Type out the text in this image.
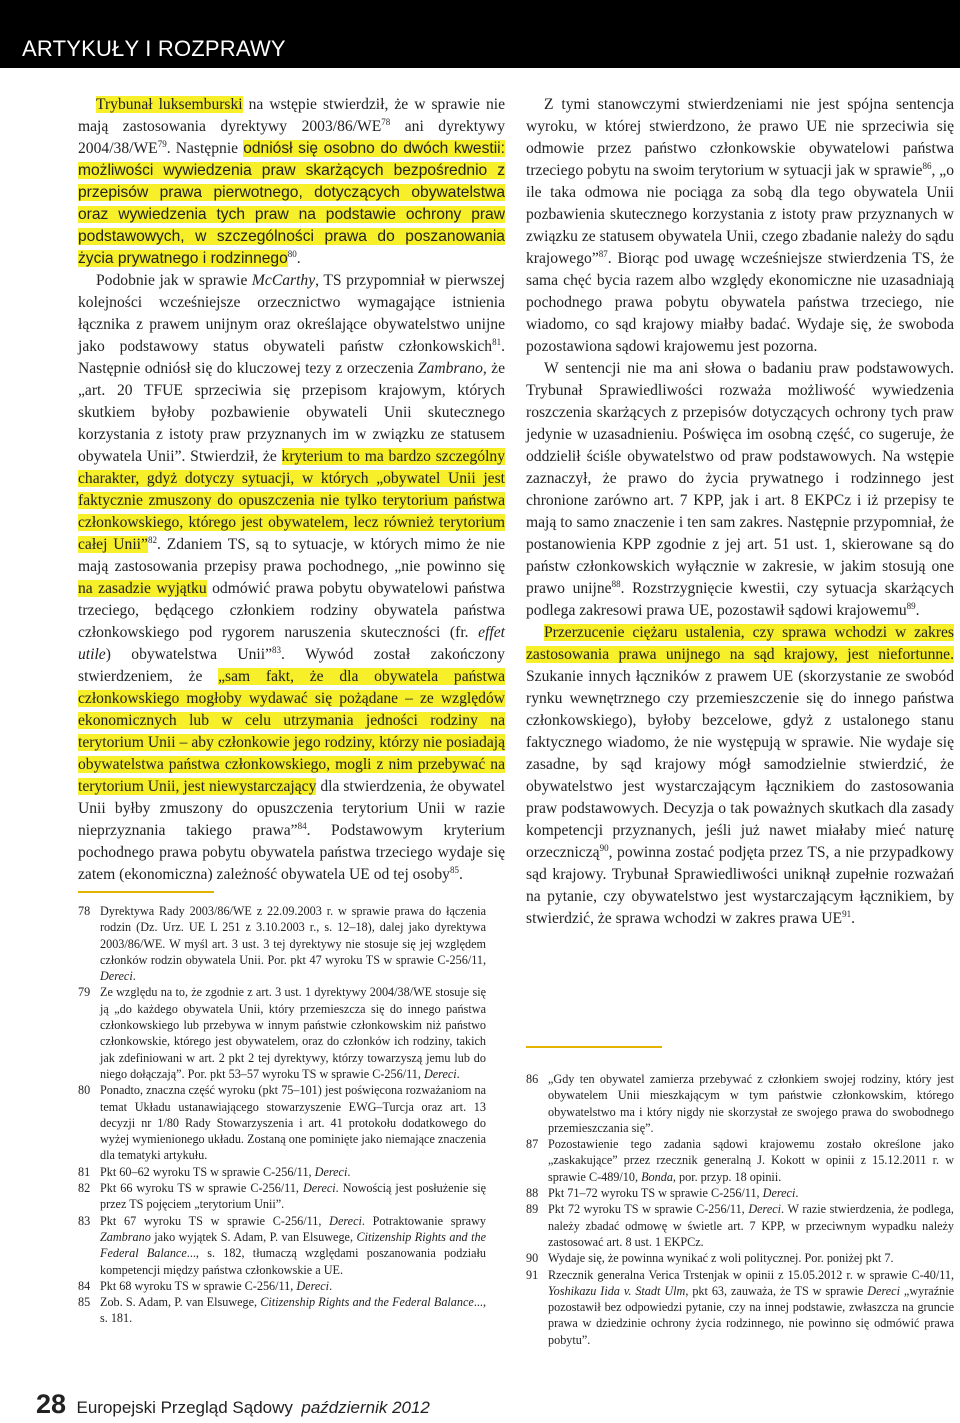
ARTYKUŁY I ROZPRAWY

Trybunał luksemburski na wstępie stwierdził, że w sprawie nie mają zastosowania dyrektywy 2003/86/WE$^{78}$ ani dyrektywy 2004/38/WE$^{79}$. Następnie odniósł się osobno do dwóch kwestii: możliwości wywiedzenia praw skarżących bezpośrednio z przepisów prawa pierwotnego, dotyczących obywatelstwa oraz wywiedzenia tych praw na podstawie ochrony praw podstawowych, w szczególności prawa do poszanowania życia prywatnego i rodzinnego$^{80}$.

Podobnie jak w sprawie McCarthy, TS przypomniał w pierwszej kolejności wcześniejsze orzecznictwo wymagające istnienia łącznika z prawem unijnym oraz określające obywatelstwo unijne jako podstawowy status obywateli państw członkowskich$^{81}$. Następnie odniósł się do kluczowej tezy z orzeczenia Zambrano, że „art. 20 TFUE sprzeciwia się przepisom krajowym, których skutkiem byłoby pozbawienie obywateli Unii skutecznego korzystania z istoty praw przyznanych im w związku ze statusem obywatela Unii”. Stwierdził, że kryterium to ma bardzo szczególny charakter, gdyż dotyczy sytuacji, w których „obywatel Unii jest faktycznie zmuszony do opuszczenia nie tylko terytorium państwa członkowskiego, którego jest obywatelem, lecz również terytorium całej Unii”$^{82}$. Zdaniem TS, są to sytuacje, w których mimo że nie mają zastosowania przepisy prawa pochodnego, „nie powinno się na zasadzie wyjątku odmówić prawa pobytu obywatelowi państwa trzeciego, będącego członkiem rodziny obywatela państwa członkowskiego pod rygorem naruszenia skuteczności (fr. effet utile) obywatelstwa Unii”$^{83}$. Wywód został zakończony stwierdzeniem, że „sam fakt, że dla obywatela państwa członkowskiego mogłoby wydawać się pożądane – ze względów ekonomicznych lub w celu utrzymania jedności rodziny na terytorium Unii – aby członkowie jego rodziny, którzy nie posiadają obywatelstwa państwa członkowskiego, mogli z nim przebywać na terytorium Unii, jest niewystarczający dla stwierdzenia, że obywatel Unii byłby zmuszony do opuszczenia terytorium Unii w razie nieprzyznania takiego prawa”$^{84}$. Podstawowym kryterium pochodnego prawa pobytu obywatela państwa trzeciego wydaje się zatem (ekonomiczna) zależność obywatela UE od tej osoby$^{85}$.

Z tymi stanowczymi stwierdzeniami nie jest spójna sentencja wyroku, w której stwierdzono, że prawo UE nie sprzeciwia się odmowie przez państwo członkowskie obywatelowi państwa trzeciego pobytu na swoim terytorium w sytuacji jak w sprawie$^{86}$, „o ile taka odmowa nie pociąga za sobą dla tego obywatela Unii pozbawienia skutecznego korzystania z istoty praw przyznanych w związku ze statusem obywatela Unii, czego zbadanie należy do sądu krajowego”$^{87}$. Biorąc pod uwagę wcześniejsze stwierdzenia TS, że sama chęć bycia razem albo względy ekonomiczne nie uzasadniają pochodnego prawa pobytu obywatela państwa trzeciego, nie wiadomo, co sąd krajowy miałby badać. Wydaje się, że swoboda pozostawiona sądowi krajowemu jest pozorna.

W sentencji nie ma ani słowa o badaniu praw podstawowych. Trybunał Sprawiedliwości rozważa możliwość wywiedzenia roszczenia skarżących z przepisów dotyczących ochrony tych praw jedynie w uzasadnieniu. Poświęca im osobną część, co sugeruje, że oddzielił ściśle obywatelstwo od praw podstawowych. Na wstępie zaznaczył, że prawo do życia prywatnego i rodzinnego jest chronione zarówno art. 7 KPP, jak i art. 8 EKPCz i iż przepisy te mają to samo znaczenie i ten sam zakres. Następnie przypomniał, że postanowienia KPP zgodnie z jej art. 51 ust. 1, skierowane są do państw członkowskich wyłącznie w zakresie, w jakim stosują one prawo unijne$^{88}$. Rozstrzygnięcie kwestii, czy sytuacja skarżących podlega zakresowi prawa UE, pozostawił sądowi krajowemu$^{89}$.

Przerzucenie ciężaru ustalenia, czy sprawa wchodzi w zakres zastosowania prawa unijnego na sąd krajowy, jest niefortunne. Szukanie innych łączników z prawem UE (skorzystanie ze swobód rynku wewnętrznego czy przemieszczenie się do innego państwa członkowskiego), byłoby bezcelowe, gdyż z ustalonego stanu faktycznego wiadomo, że nie występują w sprawie. Nie wydaje się zasadne, by sąd krajowy mógł samodzielnie stwierdzić, że obywatelstwo jest wystarczającym łącznikiem do zastosowania praw podstawowych. Decyzja o tak poważnych skutkach dla zasady kompetencji przyznanych, jeśli już nawet miałaby mieć naturę orzeczniczą$^{90}$, powinna zostać podjęta przez TS, a nie przypadkowy sąd krajowy. Trybunał Sprawiedliwości uniknął zupełnie rozważań na pytanie, czy obywatelstwo jest wystarczającym łącznikiem, by stwierdzić, że sprawa wchodzi w zakres prawa UE$^{91}$.

78 Dyrektywa Rady 2003/86/WE z 22.09.2003 r. w sprawie prawa do łączenia rodzin (Dz. Urz. UE L 251 z 3.10.2003 r., s. 12–18), dalej jako dyrektywa 2003/86/WE. W myśl art. 3 ust. 3 tej dyrektywy nie stosuje się jej względem członków rodzin obywatela Unii. Por. pkt 47 wyroku TS w sprawie C-256/11, Dereci.
79 Ze względu na to, że zgodnie z art. 3 ust. 1 dyrektywy 2004/38/WE stosuje się ją „do każdego obywatela Unii, który przemieszcza się do innego państwa członkowskiego lub przebywa w innym państwie członkowskim niż państwo członkowskie, którego jest obywatelem, oraz do członków ich rodziny, takich jak zdefiniowani w art. 2 pkt 2 tej dyrektywy, którzy towarzyszą jemu lub do niego dołączają”. Por. pkt 53–57 wyroku TS w sprawie C-256/11, Dereci.
80 Ponadto, znaczna część wyroku (pkt 75–101) jest poświęcona rozważaniom na temat Układu ustanawiającego stowarzyszenie EWG–Turcja oraz art. 13 decyzji nr 1/80 Rady Stowarzyszenia i art. 41 protokołu dodatkowego do wyżej wymienionego układu. Zostaną one pominięte jako niemające znaczenia dla tematyki artykułu.
81 Pkt 60–62 wyroku TS w sprawie C-256/11, Dereci.
82 Pkt 66 wyroku TS w sprawie C-256/11, Dereci. Nowością jest posłużenie się przez TS pojęciem „terytorium Unii”.
83 Pkt 67 wyroku TS w sprawie C-256/11, Dereci. Potraktowanie sprawy Zambrano jako wyjątek S. Adam, P. van Elsuwege, Citizenship Rights and the Federal Balance..., s. 182, tłumaczą względami poszanowania podziału kompetencji między państwa członkowskie a UE.
84 Pkt 68 wyroku TS w sprawie C-256/11, Dereci.
85 Zob. S. Adam, P. van Elsuwege, Citizenship Rights and the Federal Balance..., s. 181.
86 „Gdy ten obywatel zamierza przebywać z członkiem swojej rodziny, który jest obywatelem Unii mieszkającym w tym państwie członkowskim, którego obywatelstwo ma i który nigdy nie skorzystał ze swojego prawa do swobodnego przemieszczania się”.
87 Pozostawienie tego zadania sądowi krajowemu zostało określone jako „zaskakujące” przez rzecznik generalną J. Kokott w opinii z 15.12.2011 r. w sprawie C-489/10, Bonda, por. przyp. 18 opinii.
88 Pkt 71–72 wyroku TS w sprawie C-256/11, Dereci.
89 Pkt 72 wyroku TS w sprawie C-256/11, Dereci. W razie stwierdzenia, że podlega, należy zbadać odmowę w świetle art. 7 KPP, w przeciwnym wypadku należy zastosować art. 8 ust. 1 EKPCz.
90 Wydaje się, że powinna wynikać z woli politycznej. Por. poniżej pkt 7.
91 Rzecznik generalna Verica Trstenjak w opinii z 15.05.2012 r. w sprawie C-40/11, Yoshikazu Iida v. Stadt Ulm, pkt 63, zauważa, że TS w sprawie Dereci „wyraźnie pozostawił bez odpowiedzi pytanie, czy na innej podstawie, zwłaszcza na gruncie prawa w dziedzinie ochrony życia rodzinnego, nie powinno się odmówić prawa pobytu”.
28 Europejski Przegląd Sądowy październik 2012
